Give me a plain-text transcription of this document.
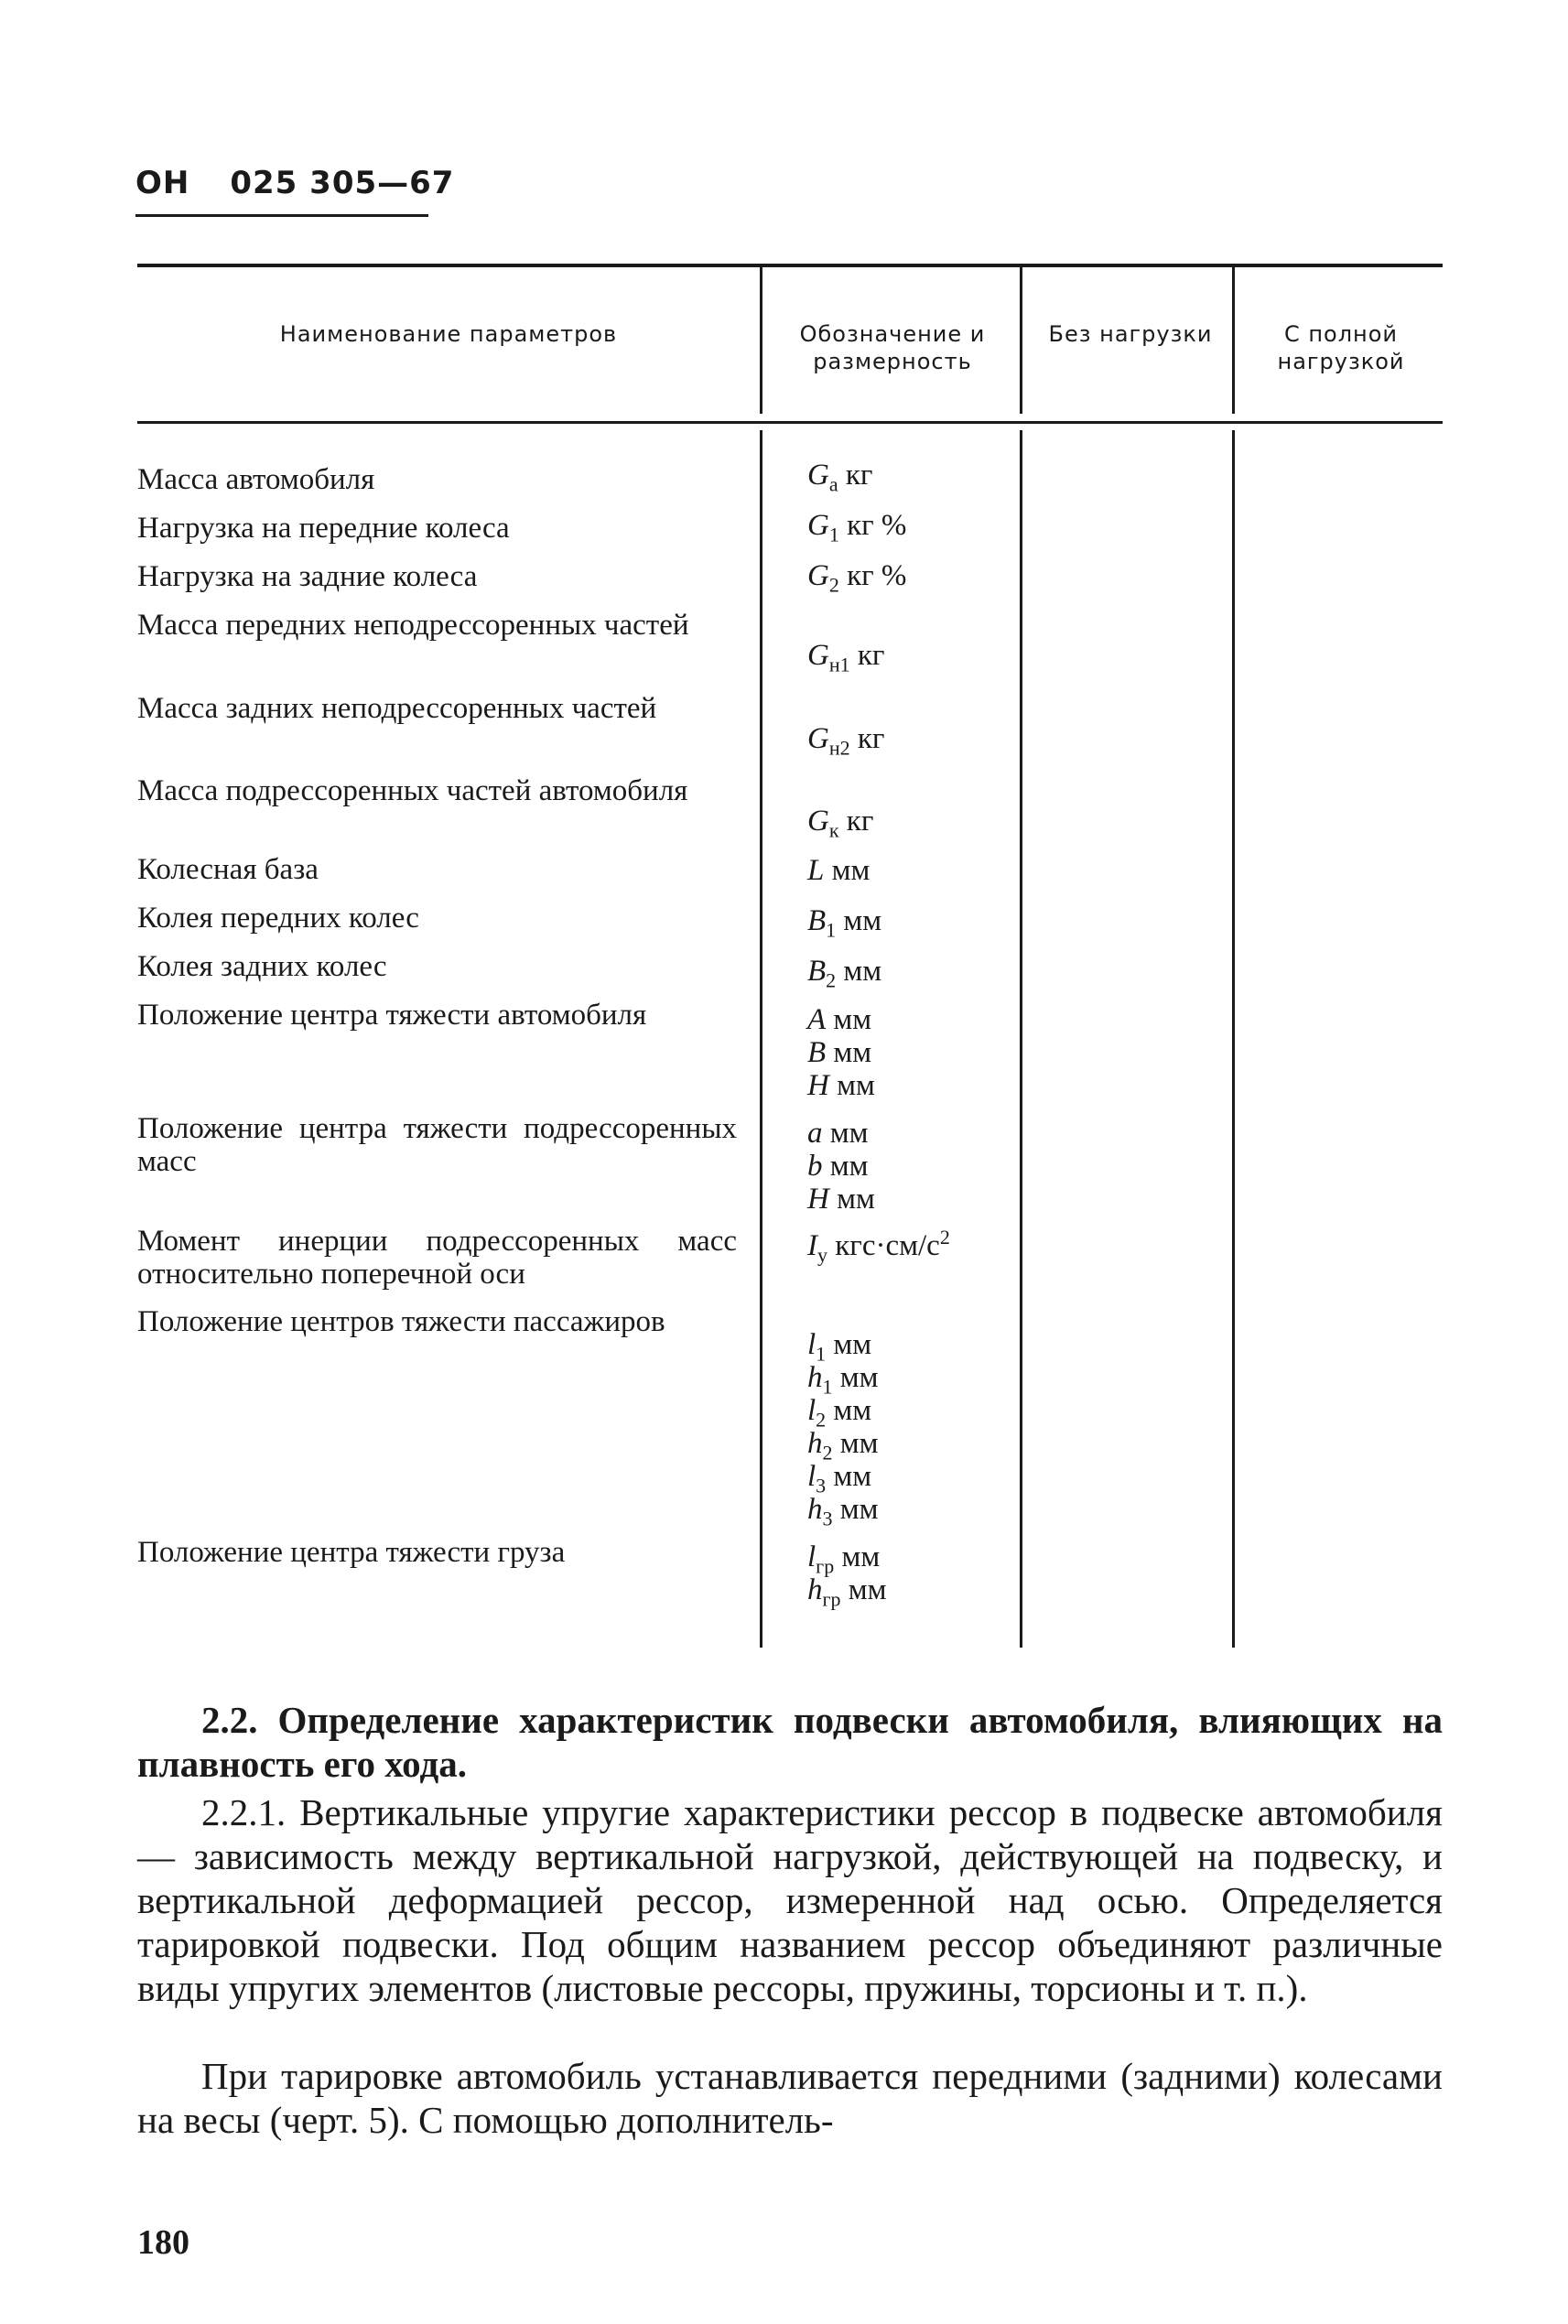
ОН 025 305—67
Наименование параметров	Обозначение и размерность
Без нагрузки	С полной нагрузкой
Масса автомобиля
Нагрузка на передние колеса
Нагрузка на задние колеса
Масса передних неподрессоренных частей
Масса задних неподрессоренных частей
Масса подрессоренных частей автомобиля
Колесная база
Колея передних колес
Колея задних колес
Положение центра тяжести автомобиля
Положение центра тяжести подрессоренных масс
Момент инерции подрессоренных масс относительно поперечной оси
Положение центров тяжести пассажиров
Положение центра тяжести груза
$G_а$ кг
$G_1$ кг %
$G_2$ кг %
$G_{н1}$ кг
$G_{н2}$ кг
$G_к$ кг
L мм
$B_1$ мм
$B_2$ мм
A мм
B мм
H мм
a мм
b мм
H мм
$I_у$ $кгс\cdot см/с^2$
$l_1$ мм
$h_1$ мм
$l_2$ мм
$h_2$ мм
$l_3$ мм
$h_3$ мм
$l_{гр}$ мм
$h_{гр}$ мм
2.2. Определение характеристик подвески автомобиля, влияющих на плавность его хода.
2.2.1. Вертикальные упругие характеристики рессор в подвеске автомобиля — зависимость между вертикальной нагрузкой, действующей на подвеску, и вертикальной деформацией рессор, измеренной над осью. Определяется тарировкой подвески. Под общим названием рессор объединяют различные виды упругих элементов (листовые рессоры, пружины, торсионы и т. п.).
При тарировке автомобиль устанавливается передними (задними) колесами на весы (черт. 5). С помощью дополнитель-
180
